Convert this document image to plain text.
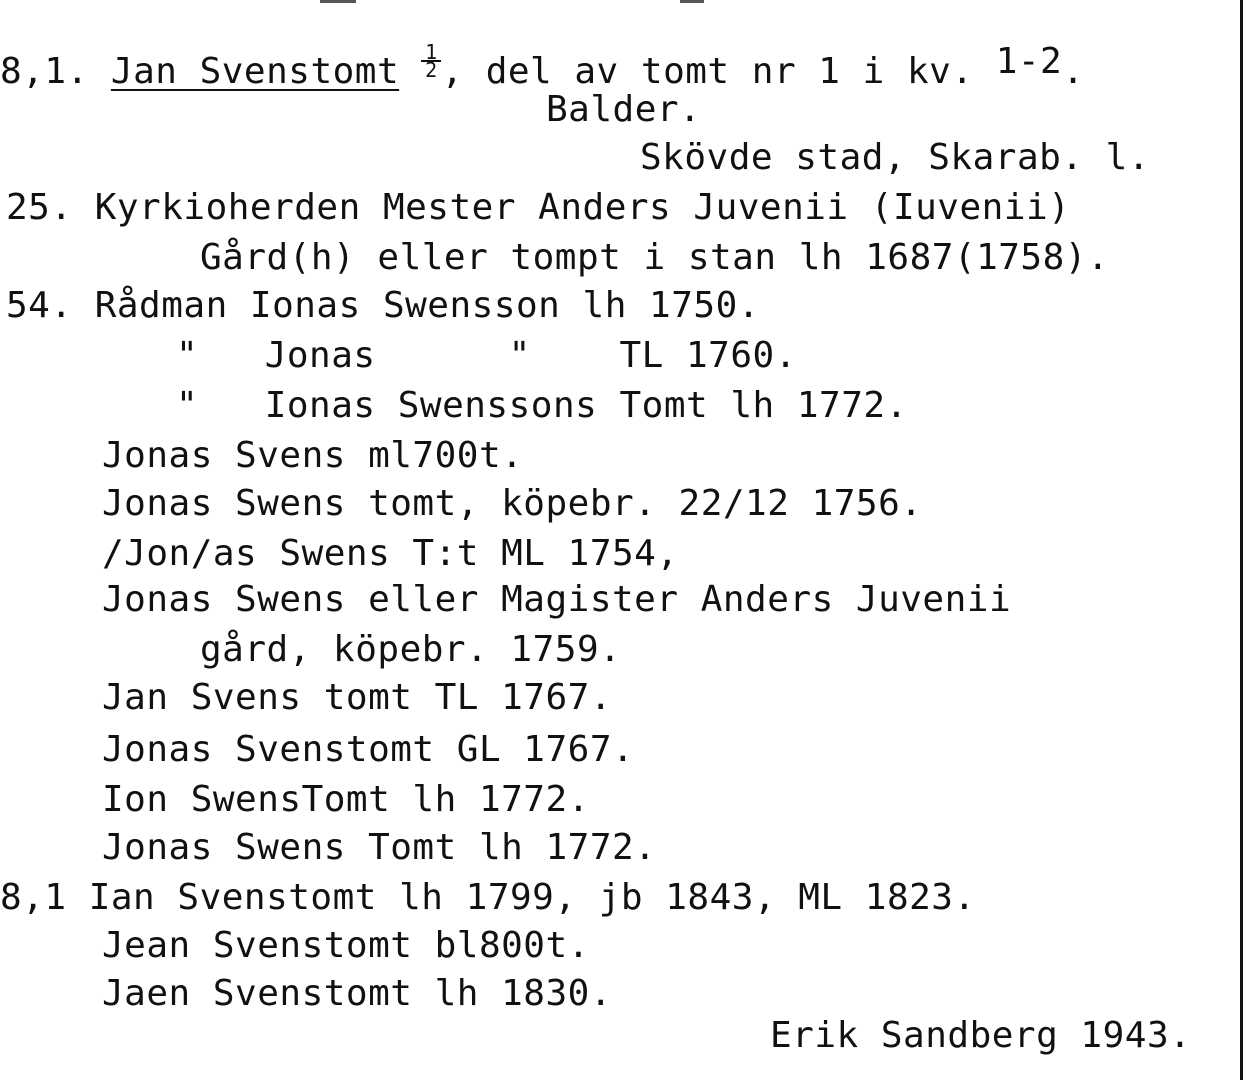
8,1. Jan Svenstomt $\frac{1}{2}$ , del av tomt nr 1 i kv. 1-2.
Balder.
Skövde stad, Skarab. l.
25. Kyrkioherden Mester Anders Juvenii (Iuvenii)
Gård(h) eller tompt i stan lh 1687(1758).
54. Rådman Ionas Swensson lh 1750.
"   Jonas      "    TL 1760.
"   Ionas Swenssons Tomt lh 1772.
Jonas Svens ml700t.
Jonas Swens tomt, köpebr. 22/12 1756.
/Jon/as Swens T:t ML 1754,
Jonas Swens eller Magister Anders Juvenii
gård, köpebr. 1759.
Jan Svens tomt TL 1767.
Jonas Svenstomt GL 1767.
Ion SwensTomt lh 1772.
Jonas Swens Tomt lh 1772.
8,1 Ian Svenstomt lh 1799, jb 1843, ML 1823.
Jean Svenstomt bl800t.
Jaen Svenstomt lh 1830.
Erik Sandberg 1943.
